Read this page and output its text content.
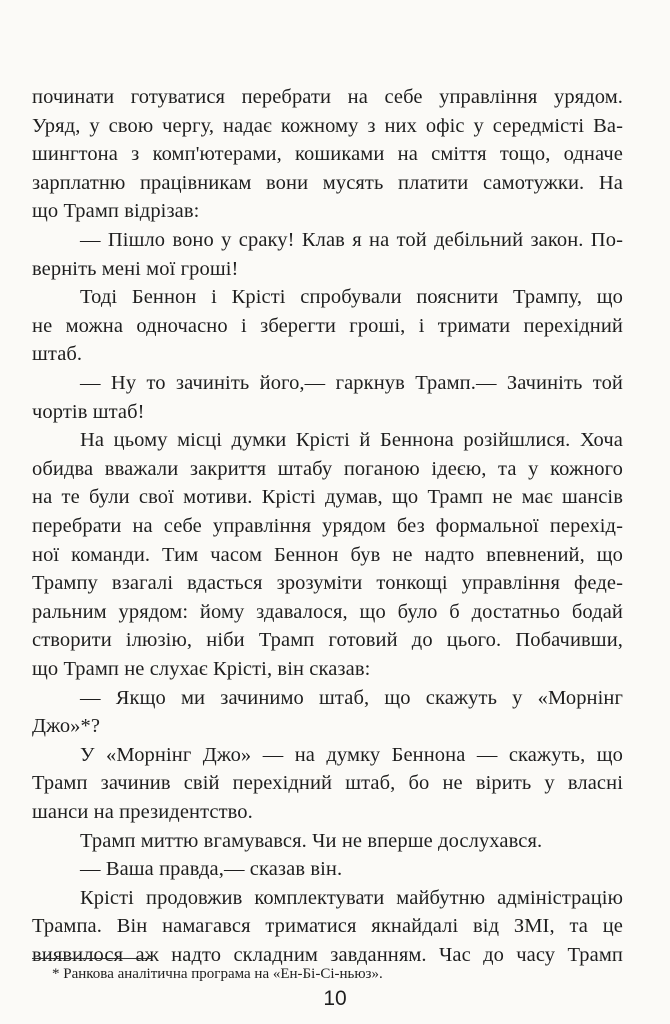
починати готуватися перебрати на себе управління урядом.
Уряд, у свою чергу, надає кожному з них офіс у середмісті Ва-
шингтона з комп'ютерами, кошиками на сміття тощо, одначе
зарплатню працівникам вони мусять платити самотужки. На
що Трамп відрізав:
— Пішло воно у сраку! Клав я на той дебільний закон. По-
верніть мені мої гроші!
Тоді Беннон і Крісті спробували пояснити Трампу, що
не можна одночасно і зберегти гроші, і тримати перехідний
штаб.
— Ну то зачиніть його,— гаркнув Трамп.— Зачиніть той
чортів штаб!
На цьому місці думки Крісті й Беннона розійшлися. Хоча
обидва вважали закриття штабу поганою ідеєю, та у кожного
на те були свої мотиви. Крісті думав, що Трамп не має шансів
перебрати на себе управління урядом без формальної перехід-
ної команди. Тим часом Беннон був не надто впевнений, що
Трампу взагалі вдасться зрозуміти тонкощі управління феде-
ральним урядом: йому здавалося, що було б достатньо бодай
створити ілюзію, ніби Трамп готовий до цього. Побачивши,
що Трамп не слухає Крісті, він сказав:
— Якщо ми зачинимо штаб, що скажуть у «Морнінг
Джо»*?
У «Морнінг Джо» — на думку Беннона — скажуть, що
Трамп зачинив свій перехідний штаб, бо не вірить у власні
шанси на президентство.
Трамп миттю вгамувався. Чи не вперше дослухався.
— Ваша правда,— сказав він.
Крісті продовжив комплектувати майбутню адміністрацію
Трампа. Він намагався триматися якнайдалі від ЗМІ, та це
виявилося аж надто складним завданням. Час до часу Трамп
* Ранкова аналітична програма на «Ен-Бі-Сі-ньюз».
10
